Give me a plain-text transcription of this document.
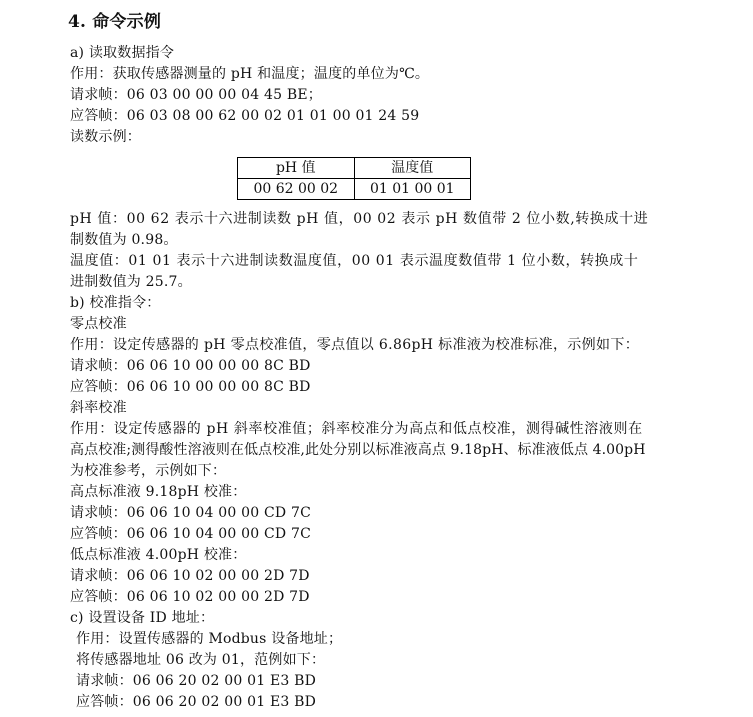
4. 命令示例
a) 读取数据指令
作用：获取传感器测量的 pH 和温度；温度的单位为℃。
请求帧：06 03 00 00 00 04 45 BE；
应答帧：06 03 08 00 62 00 02 01 01 00 01 24 59
读数示例：
pH 值	温度值
00 62 00 02	01 01 00 01
pH 值：00 62 表示十六进制读数 pH 值，00 02 表示 pH 数值带 2 位小数,转换成十进
制数值为 0.98。
温度值：01 01 表示十六进制读数温度值，00 01 表示温度数值带 1 位小数，转换成十
进制数值为 25.7。
b) 校准指令：
零点校准
作用：设定传感器的 pH 零点校准值，零点值以 6.86pH 标准液为校准标准，示例如下：
请求帧：06 06 10 00 00 00 8C BD
应答帧：06 06 10 00 00 00 8C BD
斜率校准
作用：设定传感器的 pH 斜率校准值；斜率校准分为高点和低点校准，测得碱性溶液则在
高点校准;测得酸性溶液则在低点校准,此处分别以标准液高点 9.18pH、标准液低点 4.00pH
为校准参考，示例如下：
高点标准液 9.18pH 校准：
请求帧：06 06 10 04 00 00 CD 7C
应答帧：06 06 10 04 00 00 CD 7C
低点标准液 4.00pH 校准：
请求帧：06 06 10 02 00 00 2D 7D
应答帧：06 06 10 02 00 00 2D 7D
c) 设置设备 ID 地址：
作用：设置传感器的 Modbus 设备地址；
将传感器地址 06 改为 01，范例如下：
请求帧：06 06 20 02 00 01 E3 BD
应答帧：06 06 20 02 00 01 E3 BD
